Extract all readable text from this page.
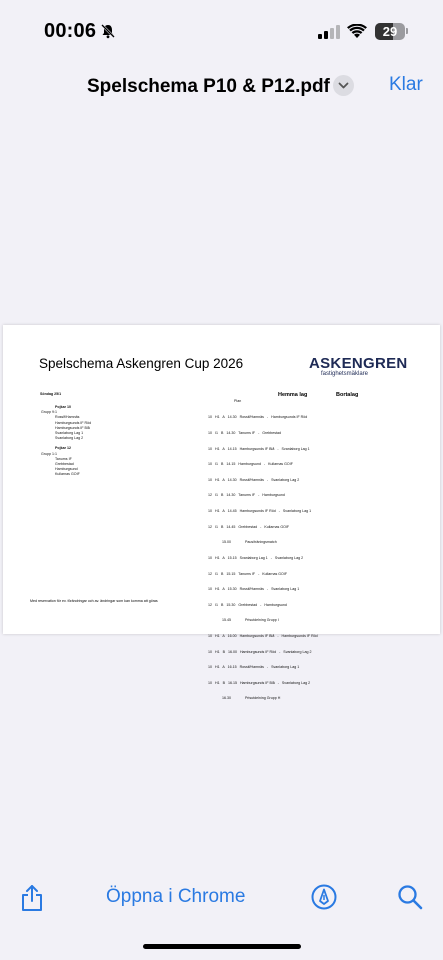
00:06	29
Spelschema P10 & P12.pdf	Klar
Spelschema Askengren Cup 2026	ASKENGREN
fastighetsmäklare
Hemma lag	Bortalag
Plan
Söndag 25/1
Pojkar 10
Grupp 9:1
Rosslf/Hamnäs
Hamburgsunds IF Röd
Hamburgsunds IF Blå
Svanlaborg Lag 1
Svanlaborg Lag 2
Pojkar 12
Grupp 1:1
Tanums IF
Grebbestad
Hamburgsund
Kullarnas GOIF

10   H1   A   14.30   Rossif/Hamnäs   -   Hamburgsunds IF Röd

10   I1   B   14.30   Tanums IF   -   Grebbestad

10   H1   A   14.15   Hamburgsunds IF Blå   -   Svanlaborg Lag 1

10   I1   B   14.15   Hamburgsund   -   Kullarnas GOIF

10   H1   A   14.30   Rossif/Hamnäs   -   Svanlaborg Lag 2

12   I1   B   14.30   Tanums IF   -   Hamburgsund

10   H1   A   14.45   Hamburgsunds IF Röd   -   Svanlaborg Lag 1

12   I1   B   14.45   Grebbestad   -   Kullarnas GOIF

15.00              Paus/träningsmatch

10   H1   A   15.15   Svanlaborg Lag 1   -   Svanlaborg Lag 2

12   I1   B   15.15   Tanums IF   -   Kullarnas GOIF

10   H1   A   15.30   Rossif/Hamnäs   -   Svanlaborg Lag 1

12   I1   B   15.30   Grebbestad   -   Hamburgsund

15.45              Prisutdelning Grupp I

10   H1   A   16.00   Hamburgsunds IF Blå   -   Hamburgsunds IF Röd

10   H1   B   16.00   Hamburgsunds IF Röd   -   Svanlaborg Lag 2

10   H1   A   16.15   Rossif/Hamnäs   -   Svanlaborg Lag 1

10   H1   B   16.15   Hamburgsunds IF Blå   -   Svanlaborg Lag 2

16.30              Prisutdelning Grupp H

Med reservation för ev. förändringar och av. ändringar som kan komma att göras
Öppna i Chrome
